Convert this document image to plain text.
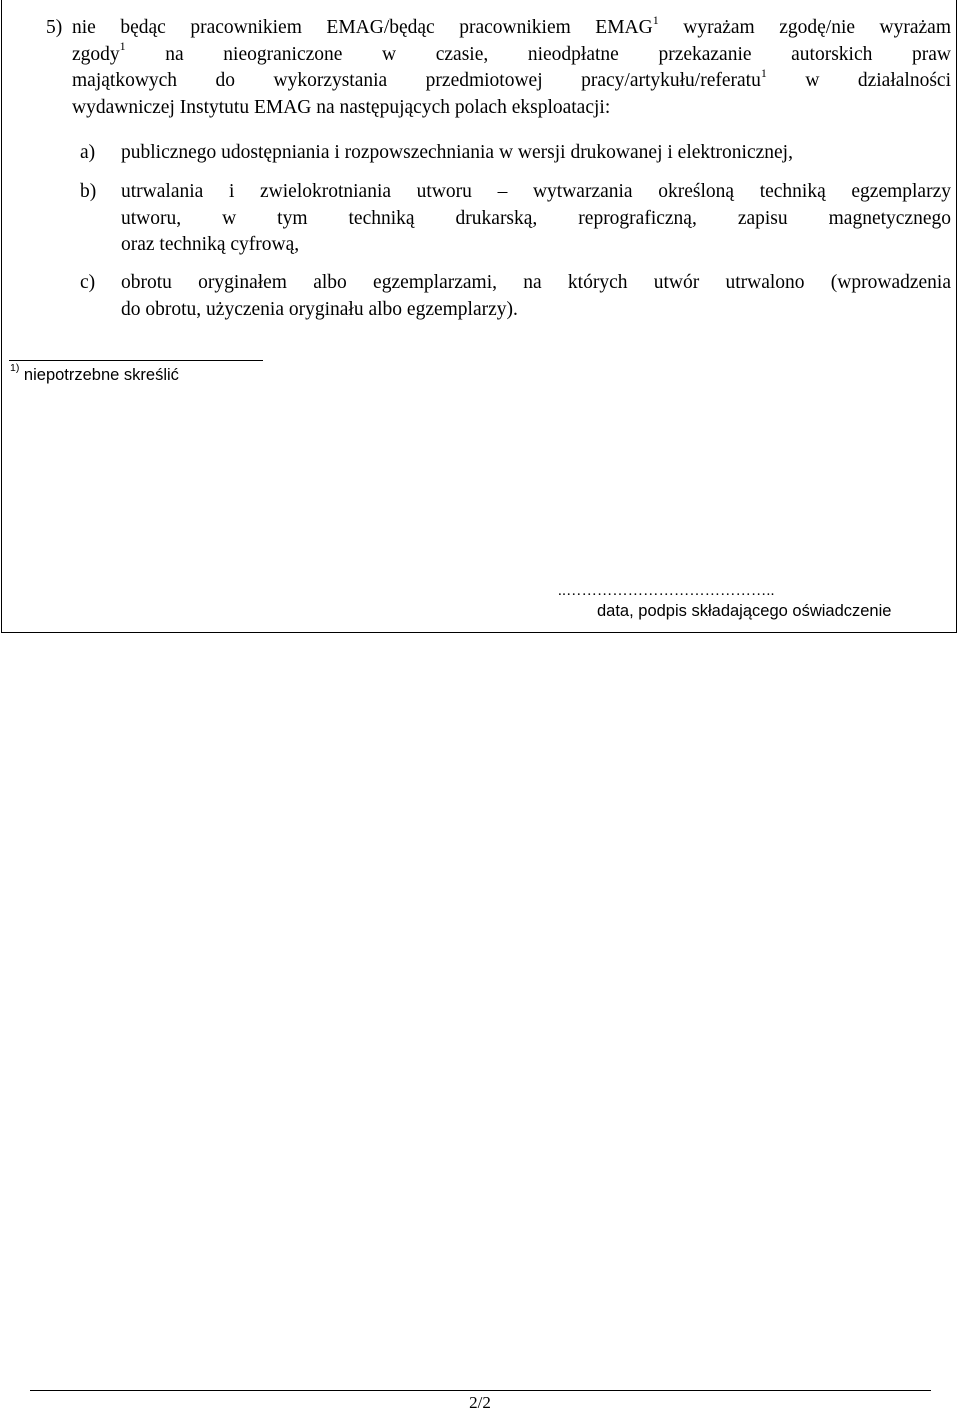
5) nie będąc pracownikiem EMAG/będąc pracownikiem EMAG$^1$ wyrażam zgodę/nie wyrażam
zgody$^1$ na nieograniczone w czasie, nieodpłatne przekazanie autorskich praw
majątkowych do wykorzystania przedmiotowej pracy/artykułu/referatu$^1$ w działalności
wydawniczej Instytutu EMAG na następujących polach eksploatacji:
a) publicznego udostępniania i rozpowszechniania w wersji drukowanej i elektronicznej,
b) utrwalania i zwielokrotniania utworu – wytwarzania określoną techniką egzemplarzy
utworu, w tym techniką drukarską, reprograficzną, zapisu magnetycznego
oraz techniką cyfrową,
c) obrotu oryginałem albo egzemplarzami, na których utwór utrwalono (wprowadzenia
do obrotu, użyczenia oryginału albo egzemplarzy).
$^{1)}$ niepotrzebne skreślić
..…………………………………..
data, podpis składającego oświadczenie
2/2
